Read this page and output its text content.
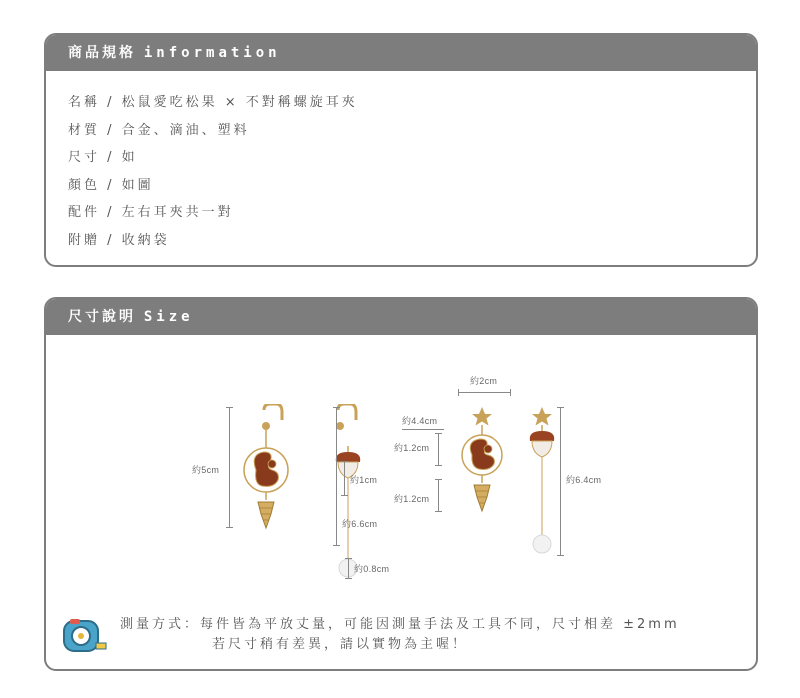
商品規格 information
名稱 / 松鼠愛吃松果 × 不對稱螺旋耳夾
材質 / 合金、滴油、塑料
尺寸 / 如
顏色 / 如圖
配件 / 左右耳夾共一對
附贈 / 收納袋
尺寸說明 Size
約5cm
約1cm
約6.6cm
約0.8cm
約2cm
約4.4cm
約1.2cm
約1.2cm
約6.4cm
測量方式：每件皆為平放丈量，可能因測量手法及工具不同，尺寸相差 ±2mm
若尺寸稍有差異，請以實物為主喔！
